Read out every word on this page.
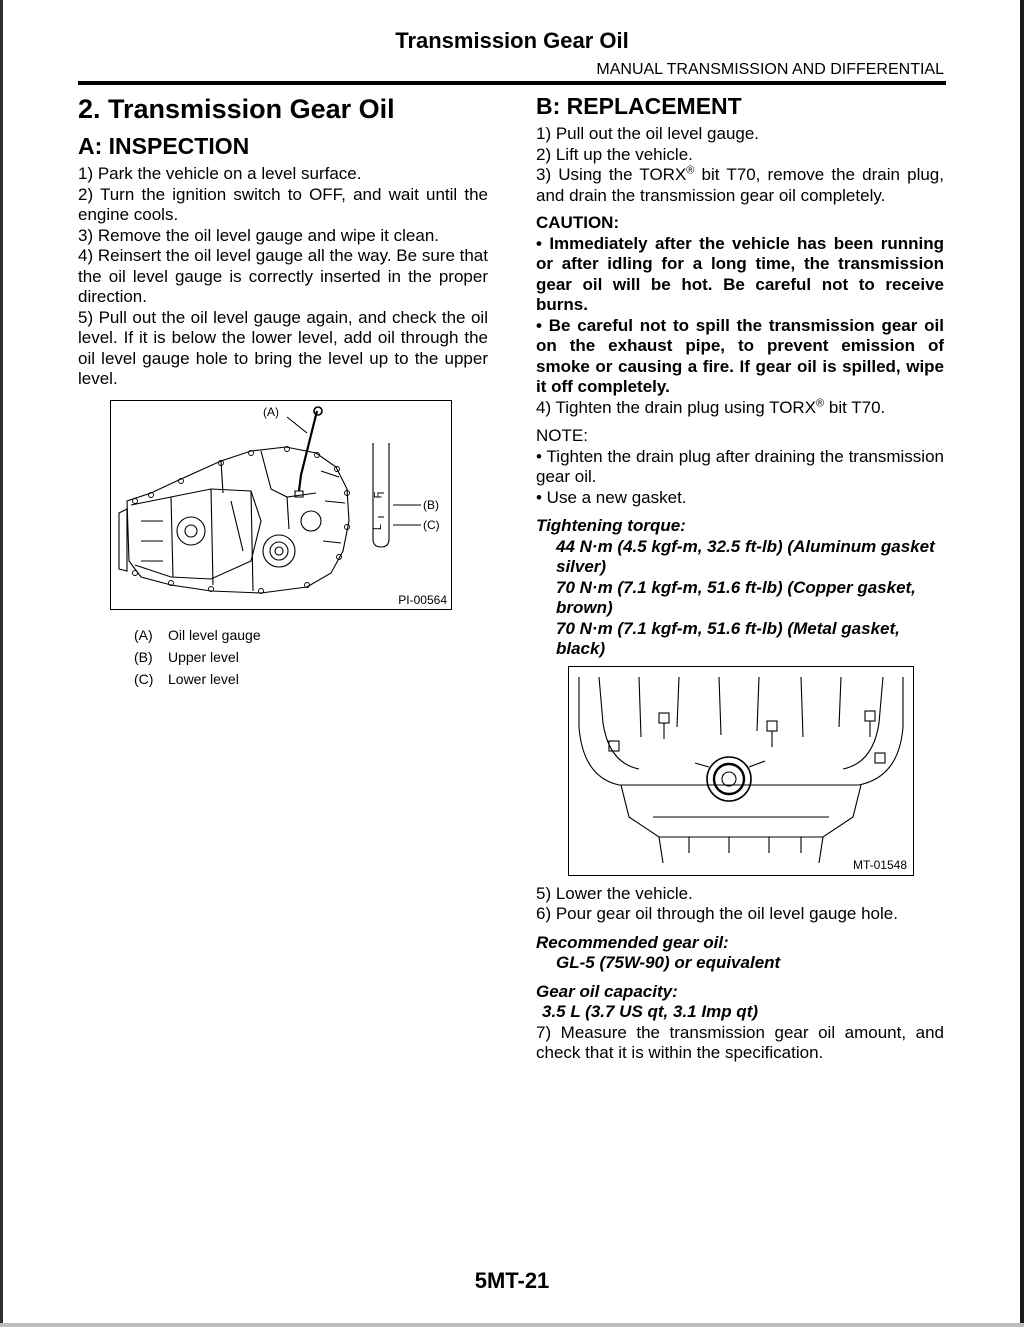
Transmission Gear Oil
MANUAL TRANSMISSION AND DIFFERENTIAL
2. Transmission Gear Oil
A: INSPECTION

1) Park the vehicle on a level surface.

2) Turn the ignition switch to OFF, and wait until the engine cools.

3) Remove the oil level gauge and wipe it clean.

4) Reinsert the oil level gauge all the way. Be sure that the oil level gauge is correctly inserted in the proper direction.

5) Pull out the oil level gauge again, and check the oil level. If it is below the lower level, add oil through the oil level gauge hole to bring the level up to the upper level.

(A)
F
L
(B)
(C)
PI-00564
(A)	Oil level gauge
(B)	Upper level
(C)	Lower level
B: REPLACEMENT

1) Pull out the oil level gauge.

2) Lift up the vehicle.

3) Using the TORX® bit T70, remove the drain plug, and drain the transmission gear oil completely.

CAUTION:

• Immediately after the vehicle has been running or after idling for a long time, the transmission gear oil will be hot. Be careful not to receive burns.

• Be careful not to spill the transmission gear oil on the exhaust pipe, to prevent emission of smoke or causing a fire. If gear oil is spilled, wipe it off completely.

4) Tighten the drain plug using TORX® bit T70.

NOTE:

• Tighten the drain plug after draining the transmission gear oil.

• Use a new gasket.

Tightening torque:

44 N·m (4.5 kgf-m, 32.5 ft-lb) (Aluminum gasket silver)

70 N·m (7.1 kgf-m, 51.6 ft-lb) (Copper gasket, brown)

70 N·m (7.1 kgf-m, 51.6 ft-lb) (Metal gasket, black)

MT-01548

5) Lower the vehicle.

6) Pour gear oil through the oil level gauge hole.

Recommended gear oil:

GL-5 (75W-90) or equivalent

Gear oil capacity:

3.5 L (3.7 US qt, 3.1 Imp qt)

7) Measure the transmission gear oil amount, and check that it is within the specification.

5MT-21
